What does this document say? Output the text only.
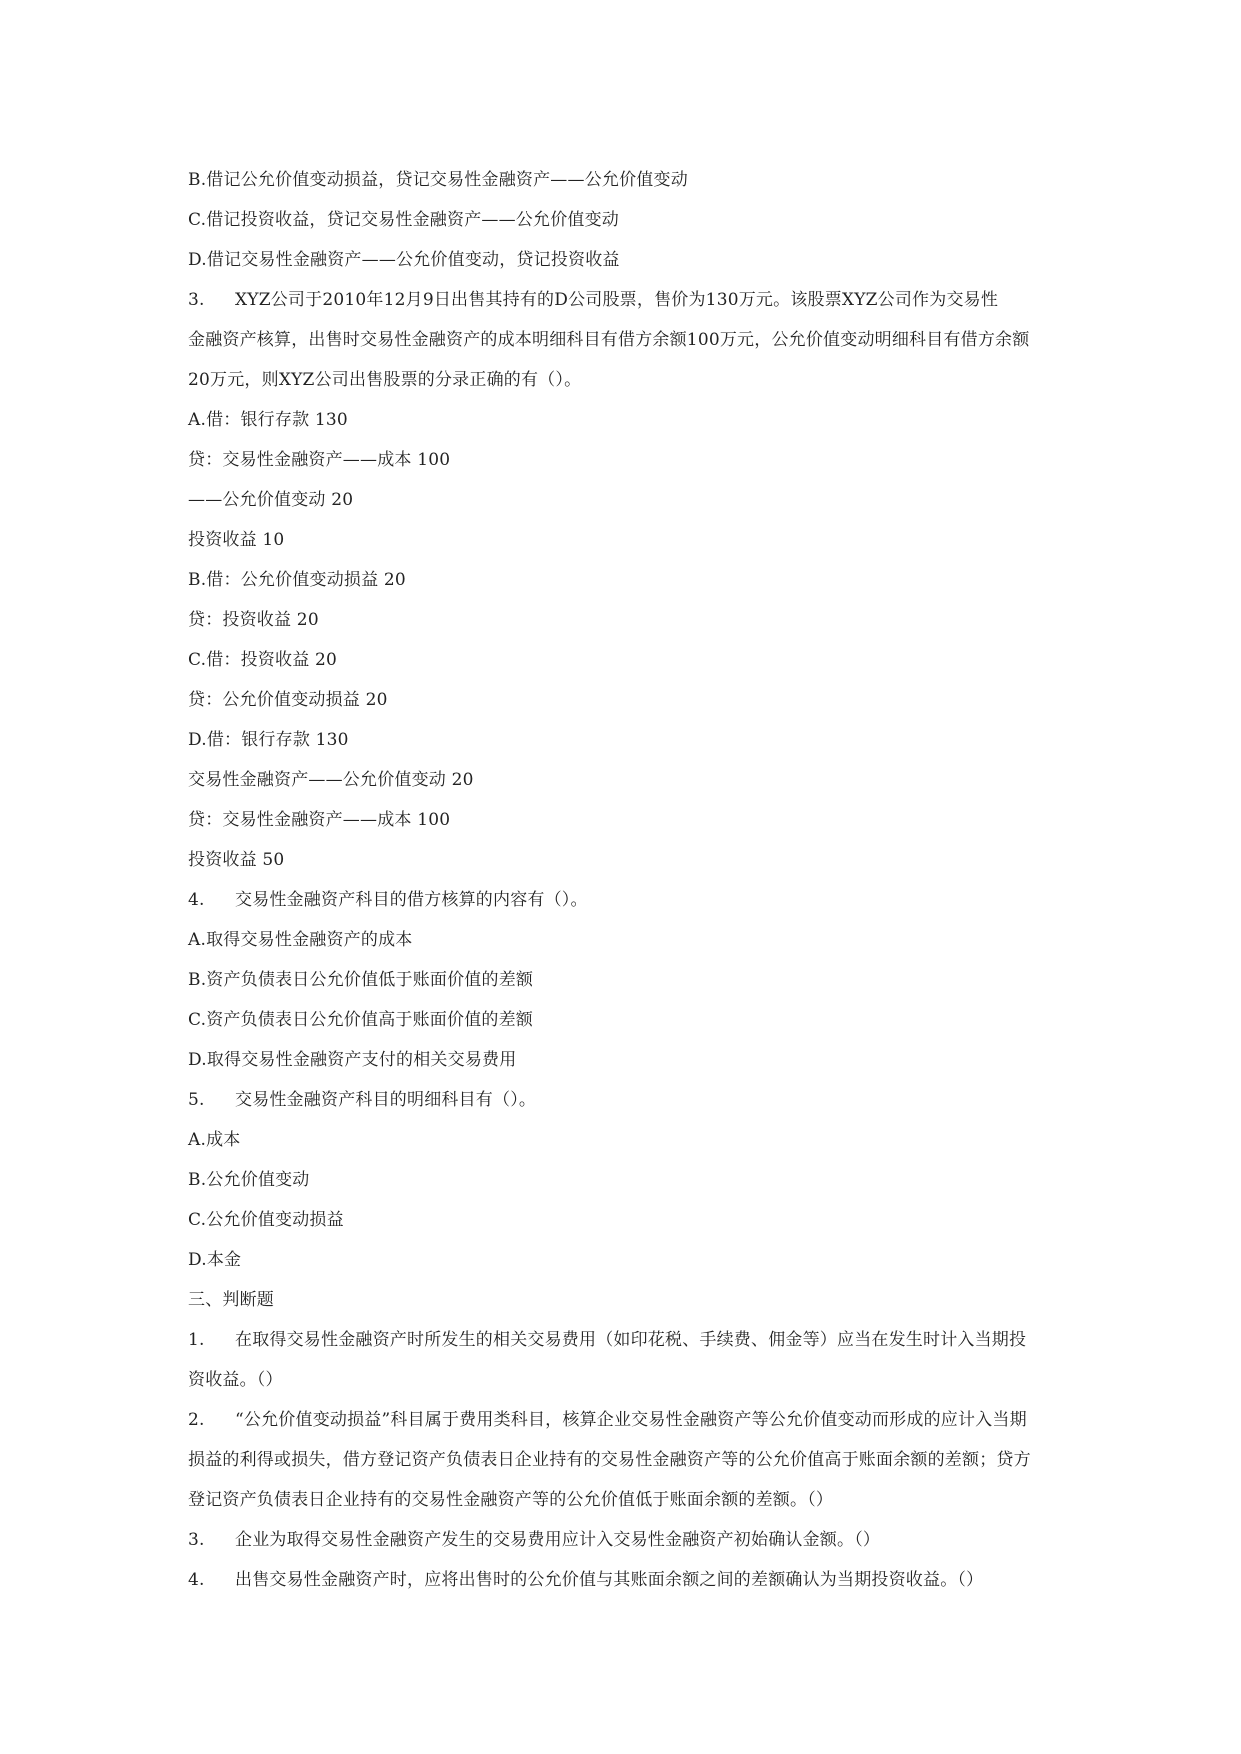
B.借记公允价值变动损益，贷记交易性金融资产——公允价值变动
C.借记投资收益，贷记交易性金融资产——公允价值变动
D.借记交易性金融资产——公允价值变动，贷记投资收益
3. XYZ公司于2010年12月9日出售其持有的D公司股票，售价为130万元。该股票XYZ公司作为交易性
金融资产核算，出售时交易性金融资产的成本明细科目有借方余额100万元，公允价值变动明细科目有借方余额
20万元，则XYZ公司出售股票的分录正确的有（）。
A.借：银行存款 130
贷：交易性金融资产——成本 100
——公允价值变动 20
投资收益 10
B.借：公允价值变动损益 20
贷：投资收益 20
C.借：投资收益 20
贷：公允价值变动损益 20
D.借：银行存款 130
交易性金融资产——公允价值变动 20
贷：交易性金融资产——成本 100
投资收益 50
4. 交易性金融资产科目的借方核算的内容有（）。
A.取得交易性金融资产的成本
B.资产负债表日公允价值低于账面价值的差额
C.资产负债表日公允价值高于账面价值的差额
D.取得交易性金融资产支付的相关交易费用
5. 交易性金融资产科目的明细科目有（）。
A.成本
B.公允价值变动
C.公允价值变动损益
D.本金
三、判断题
1. 在取得交易性金融资产时所发生的相关交易费用（如印花税、手续费、佣金等）应当在发生时计入当期投
资收益。（）
2. “公允价值变动损益”科目属于费用类科目，核算企业交易性金融资产等公允价值变动而形成的应计入当期
损益的利得或损失，借方登记资产负债表日企业持有的交易性金融资产等的公允价值高于账面余额的差额；贷方
登记资产负债表日企业持有的交易性金融资产等的公允价值低于账面余额的差额。（）
3. 企业为取得交易性金融资产发生的交易费用应计入交易性金融资产初始确认金额。（）
4. 出售交易性金融资产时，应将出售时的公允价值与其账面余额之间的差额确认为当期投资收益。（）
